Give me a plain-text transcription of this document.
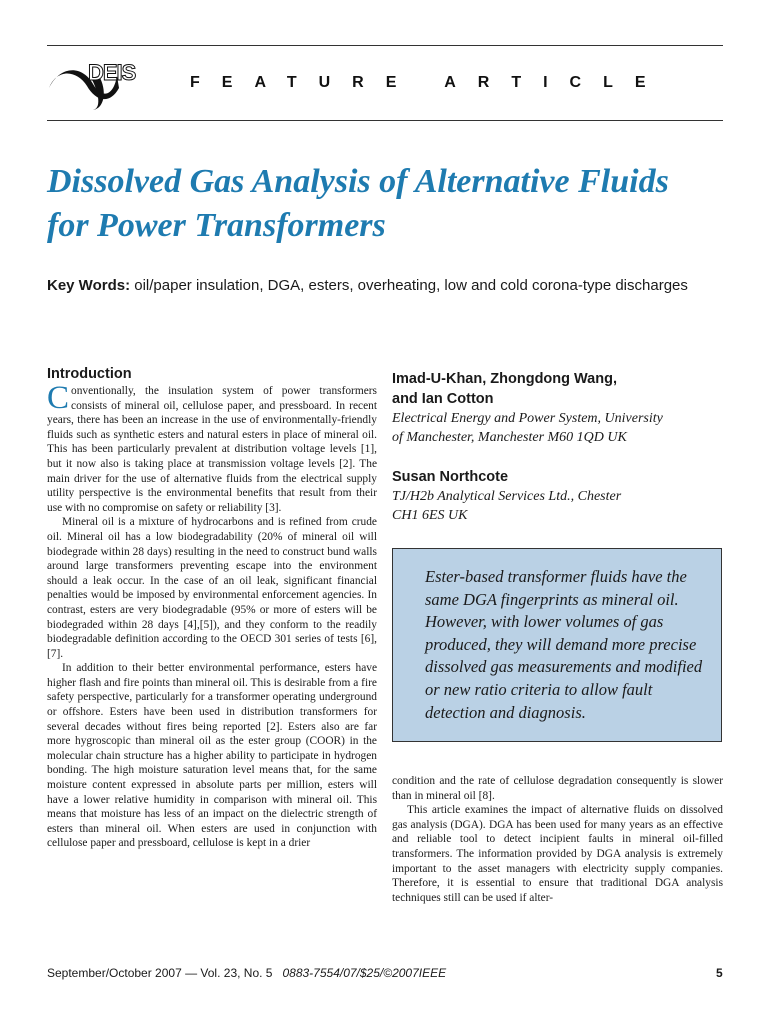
DEIS	FEATURE ARTICLE
Dissolved Gas Analysis of Alternative Fluids for Power Transformers
Key Words: oil/paper insulation, DGA, esters, overheating, low and cold corona-type discharges

Introduction

Conventionally, the insulation system of power transformers consists of mineral oil, cellulose paper, and pressboard. In recent years, there has been an increase in the use of environmentally-friendly fluids such as synthetic esters and natural esters in place of mineral oil. This has been particularly prevalent at distribution voltage levels [1], but it now also is taking place at transmission voltage levels [2]. The main driver for the use of alternative fluids from the electrical supply utility perspective is the environmental benefits that result from their use with no compromise on safety or reliability [3].

Mineral oil is a mixture of hydrocarbons and is refined from crude oil. Mineral oil has a low biodegradability (20% of mineral oil will biodegrade within 28 days) resulting in the need to construct bund walls around large transformers preventing escape into the environment should a leak occur. In the case of an oil leak, significant financial penalties would be imposed by environmental enforcement agencies. In contrast, esters are very biodegradable (95% or more of esters will be biodegraded within 28 days [4],[5]), and they conform to the readily biodegradable definition according to the OECD 301 series of tests [6],[7].

In addition to their better environmental performance, esters have higher flash and fire points than mineral oil. This is desirable from a fire safety perspective, particularly for a transformer operating underground or offshore. Esters have been used in distribution transformers for several decades without fires being reported [2]. Esters also are far more hygroscopic than mineral oil as the ester group (COOR) in the molecular chain structure has a higher ability to participate in hydrogen bonding. The high moisture saturation level means that, for the same moisture content expressed in absolute parts per million, esters will have a lower relative humidity in comparison with mineral oil. This means that moisture has less of an impact on the dielectric strength of esters than mineral oil. When esters are used in conjunction with cellulose paper and pressboard, cellulose is kept in a drier

Imad-U-Khan, Zhongdong Wang,

and Ian Cotton

Electrical Energy and Power System, University

of Manchester, Manchester M60 1QD UK

Susan Northcote

TJ/H2b Analytical Services Ltd., Chester

CH1 6ES UK

Ester-based transformer fluids have the same DGA fingerprints as mineral oil. However, with lower volumes of gas produced, they will demand more precise dissolved gas measurements and modified or new ratio criteria to allow fault detection and diagnosis.

condition and the rate of cellulose degradation consequently is slower than in mineral oil [8].

This article examines the impact of alternative fluids on dissolved gas analysis (DGA). DGA has been used for many years as an effective and reliable tool to detect incipient faults in mineral oil-filled transformers. The information provided by DGA analysis is extremely important to the asset managers with electricity supply companies. Therefore, it is essential to ensure that traditional DGA analysis techniques still can be used if alter-

September/October 2007 — Vol. 23, No. 5 0883-7554/07/$25/©2007IEEE	5
